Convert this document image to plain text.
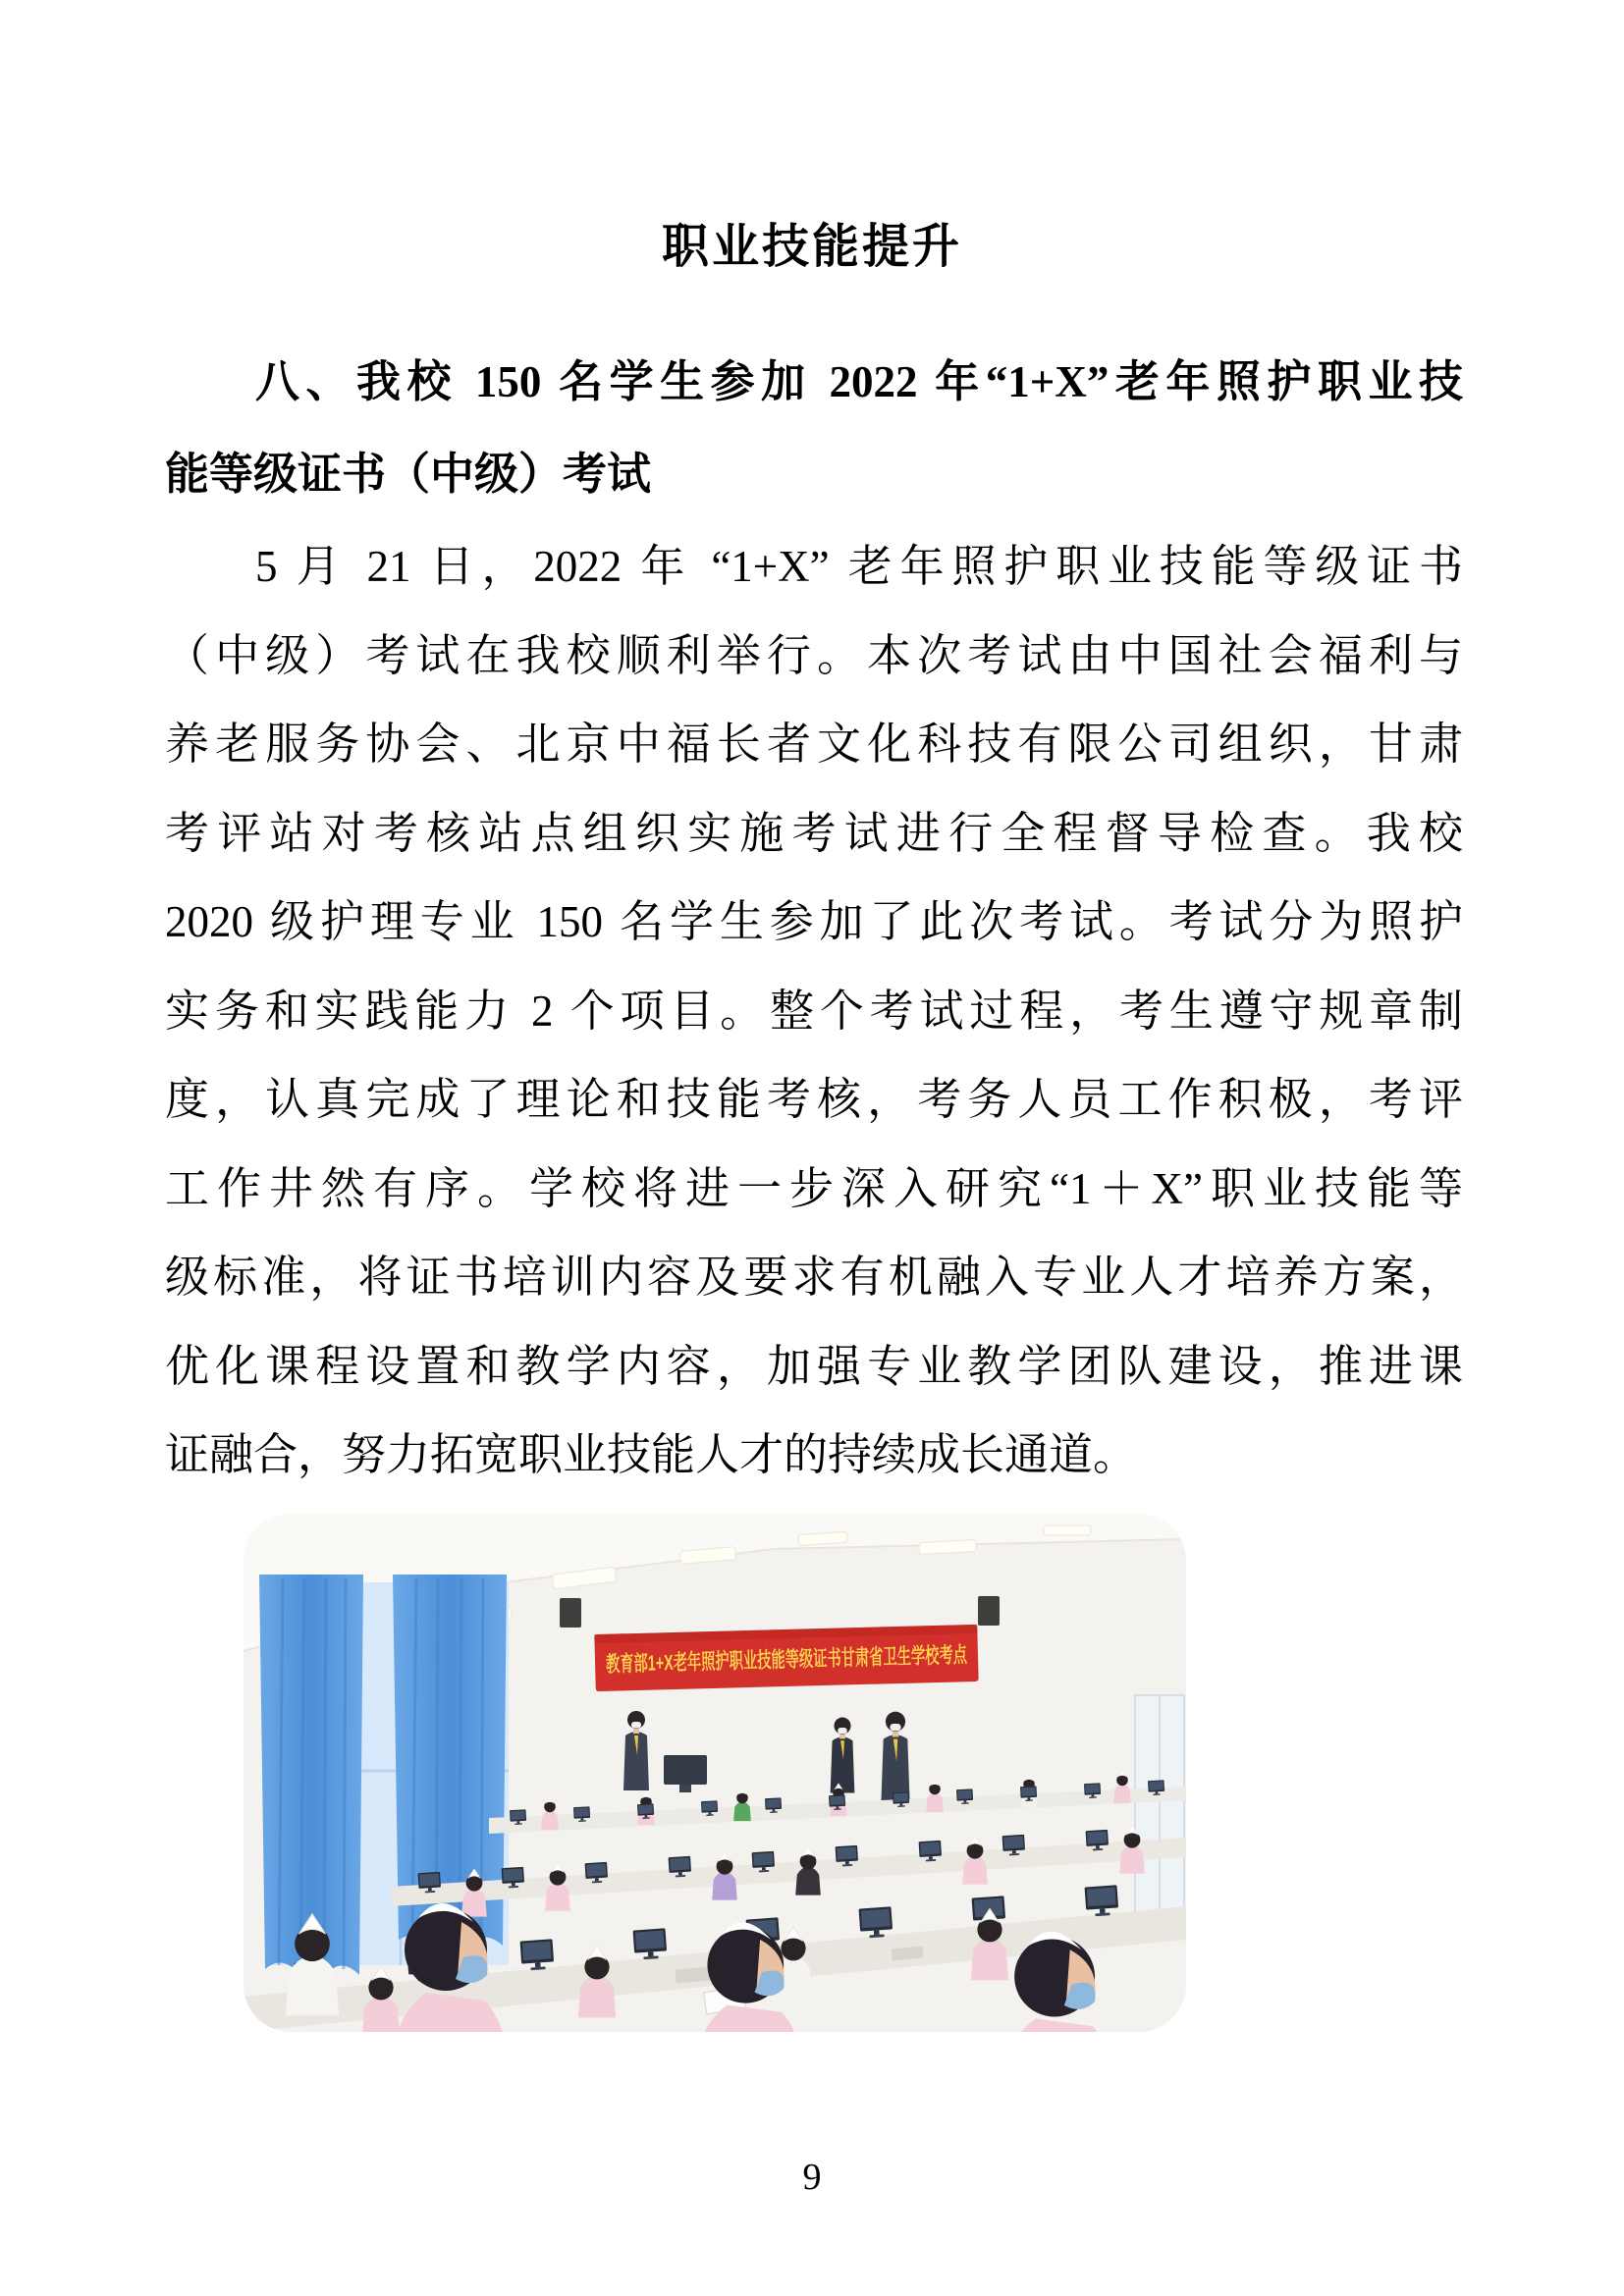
职业技能提升
八、我校 150 名学生参加 2022 年“1+X”老年照护职业技
能等级证书（中级）考试
5 月 21 日，2022 年 “1+X” 老年照护职业技能等级证书
（中级）考试在我校顺利举行。本次考试由中国社会福利与
养老服务协会、北京中福长者文化科技有限公司组织，甘肃
考评站对考核站点组织实施考试进行全程督导检查。我校
2020 级护理专业 150 名学生参加了此次考试。考试分为照护
实务和实践能力 2 个项目。整个考试过程，考生遵守规章制
度，认真完成了理论和技能考核，考务人员工作积极，考评
工作井然有序。学校将进一步深入研究“1＋X”职业技能等
级标准，将证书培训内容及要求有机融入专业人才培养方案，
优化课程设置和教学内容，加强专业教学团队建设，推进课
证融合，努力拓宽职业技能人才的持续成长通道。
教育部1+X老年照护职业技能等级证书甘肃省卫生学校考点
9
